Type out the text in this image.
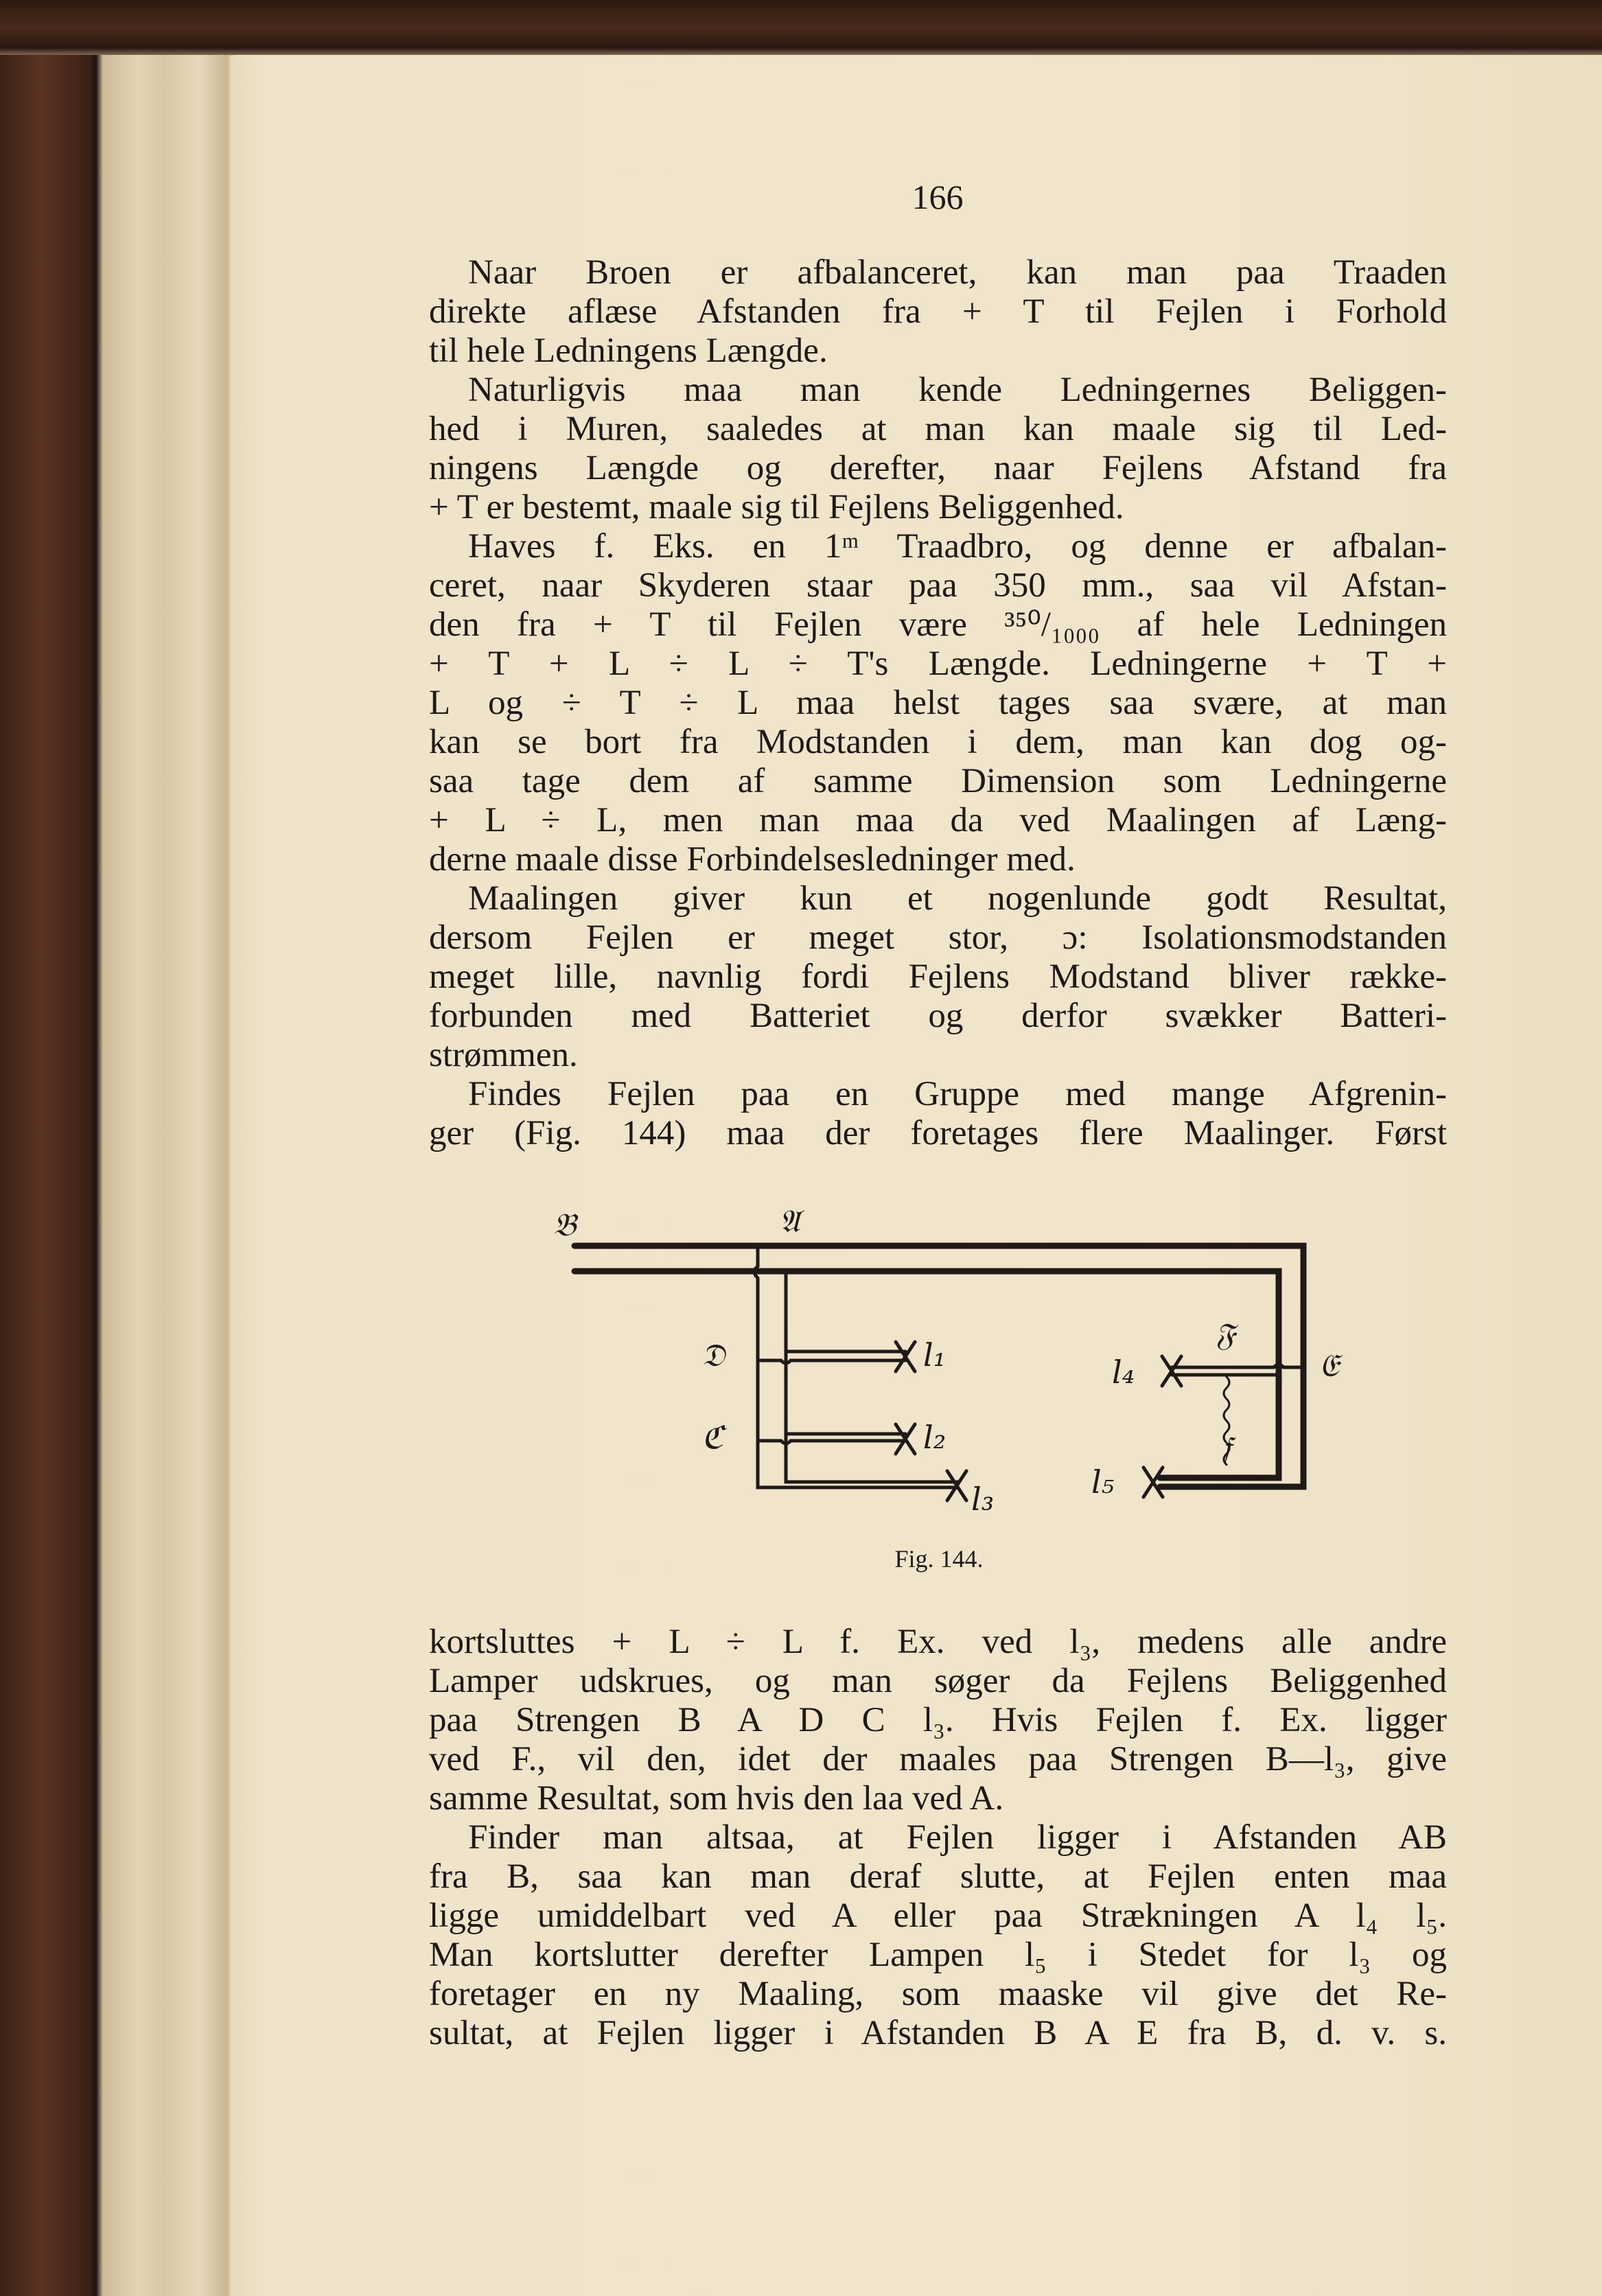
166
Naar Broen er afbalanceret, kan man paa Traaden
direkte aflæse Afstanden fra + T til Fejlen i Forhold
til hele Ledningens Længde.
Naturligvis maa man kende Ledningernes Beliggen-
hed i Muren, saaledes at man kan maale sig til Led-
ningens Længde og derefter, naar Fejlens Afstand fra
+ T er bestemt, maale sig til Fejlens Beliggenhed.
Haves f. Eks. en 1ᵐ Traadbro, og denne er afbalan-
ceret, naar Skyderen staar paa 350 mm., saa vil Afstan-
den fra + T til Fejlen være ³⁵⁰/₁₀₀₀ af hele Ledningen
+ T + L ÷ L ÷ T's Længde. Ledningerne + T +
L og ÷ T ÷ L maa helst tages saa svære, at man
kan se bort fra Modstanden i dem, man kan dog og-
saa tage dem af samme Dimension som Ledningerne
+ L ÷ L, men man maa da ved Maalingen af Læng-
derne maale disse Forbindelsesledninger med.
Maalingen giver kun et nogenlunde godt Resultat,
dersom Fejlen er meget stor, ɔ: Isolationsmodstanden
meget lille, navnlig fordi Fejlens Modstand bliver række-
forbunden med Batteriet og derfor svækker Batteri-
strømmen.
Findes Fejlen paa en Gruppe med mange Afgrenin-
ger (Fig. 144) maa der foretages flere Maalinger. Først
𝔅	𝔄
𝔇
ℭ
𝔈
𝔉
𝔣
l₁
l₂
l₃
l₄
l₅
Fig. 144.
kortsluttes + L ÷ L f. Ex. ved l₃, medens alle andre
Lamper udskrues, og man søger da Fejlens Beliggenhed
paa Strengen B A D C l₃. Hvis Fejlen f. Ex. ligger
ved F., vil den, idet der maales paa Strengen B—l₃, give
samme Resultat, som hvis den laa ved A.
Finder man altsaa, at Fejlen ligger i Afstanden AB
fra B, saa kan man deraf slutte, at Fejlen enten maa
ligge umiddelbart ved A eller paa Strækningen A l₄ l₅.
Man kortslutter derefter Lampen l₅ i Stedet for l₃ og
foretager en ny Maaling, som maaske vil give det Re-
sultat, at Fejlen ligger i Afstanden B A E fra B, d. v. s.
